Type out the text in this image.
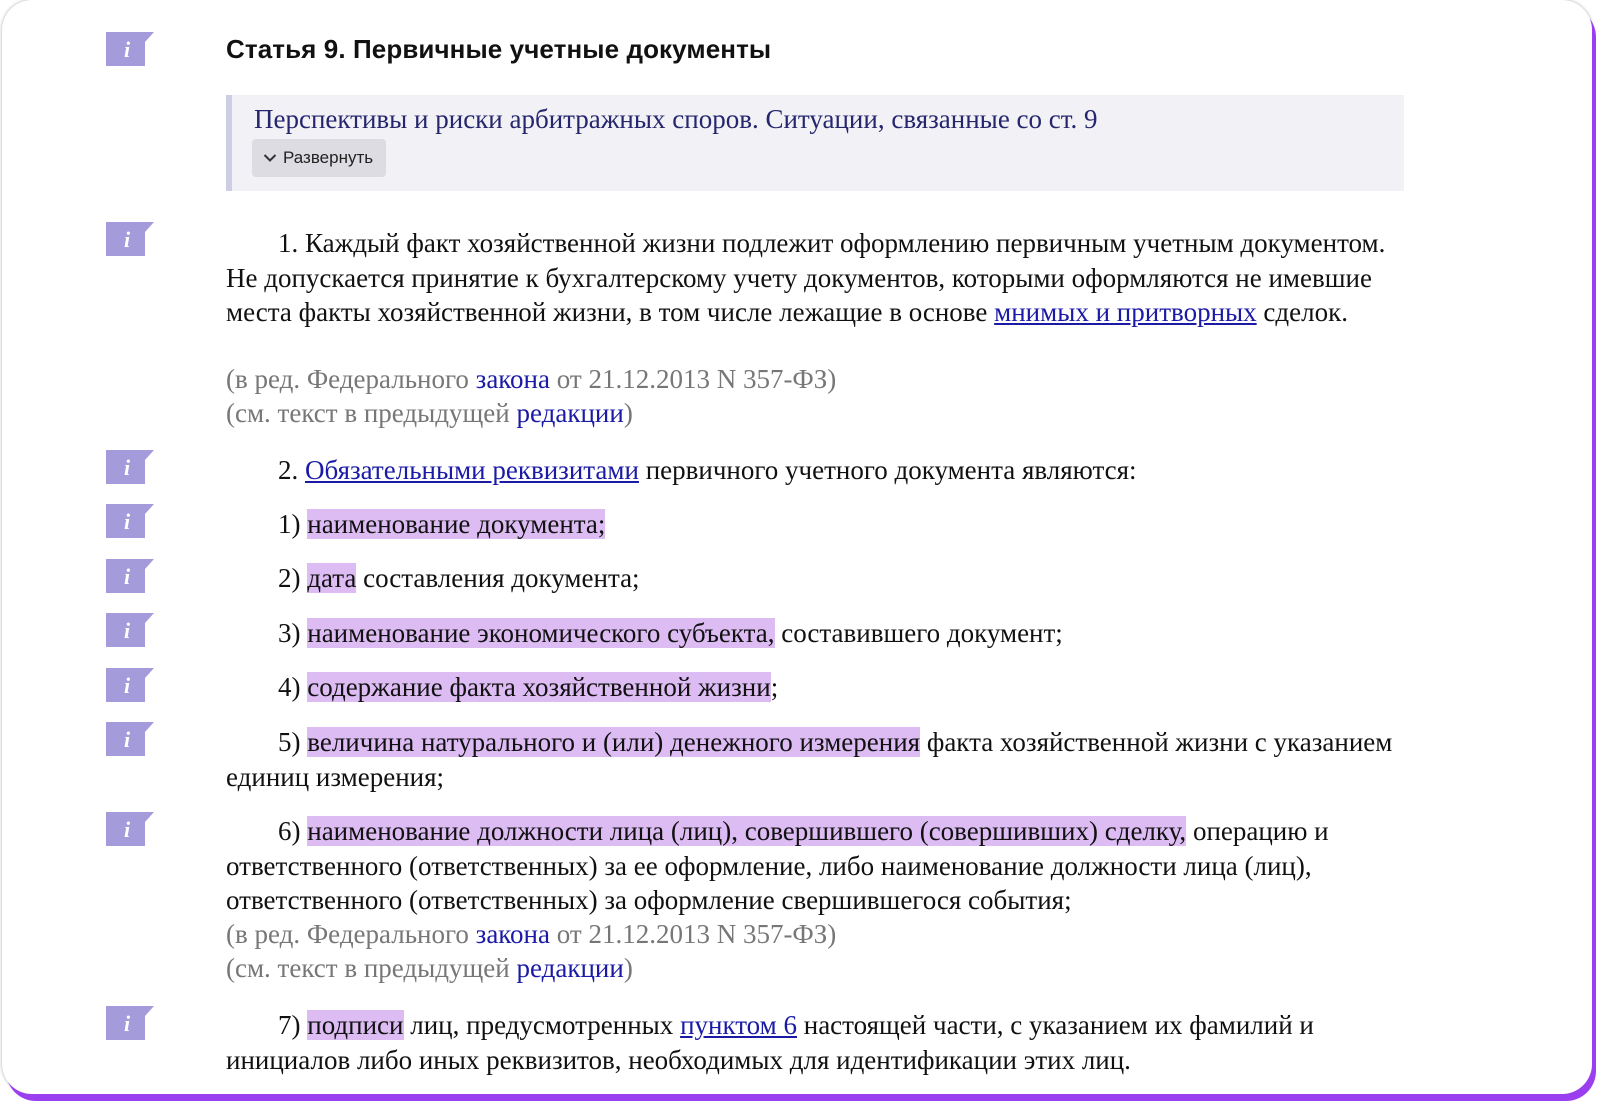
i
i
i
i
i
i
i
i
i
i
Статья 9. Первичные учетные документы
Перспективы и риски арбитражных споров. Ситуации, связанные со ст. 9
Развернуть
1. Каждый факт хозяйственной жизни подлежит оформлению первичным учетным документом. Не допускается принятие к бухгалтерскому учету документов, которыми оформляются не имевшие места факты хозяйственной жизни, в том числе лежащие в основе мнимых и притворных сделок.
(в ред. Федерального закона от 21.12.2013 N 357-ФЗ)
(см. текст в предыдущей редакции)
2. Обязательными реквизитами первичного учетного документа являются:
1) наименование документа;
2) дата составления документа;
3) наименование экономического субъекта, составившего документ;
4) содержание факта хозяйственной жизни;
5) величина натурального и (или) денежного измерения факта хозяйственной жизни с указанием единиц измерения;
6) наименование должности лица (лиц), совершившего (совершивших) сделку, операцию и ответственного (ответственных) за ее оформление, либо наименование должности лица (лиц), ответственного (ответственных) за оформление свершившегося события;
(в ред. Федерального закона от 21.12.2013 N 357-ФЗ)
(см. текст в предыдущей редакции)
7) подписи лиц, предусмотренных пунктом 6 настоящей части, с указанием их фамилий и инициалов либо иных реквизитов, необходимых для идентификации этих лиц.
